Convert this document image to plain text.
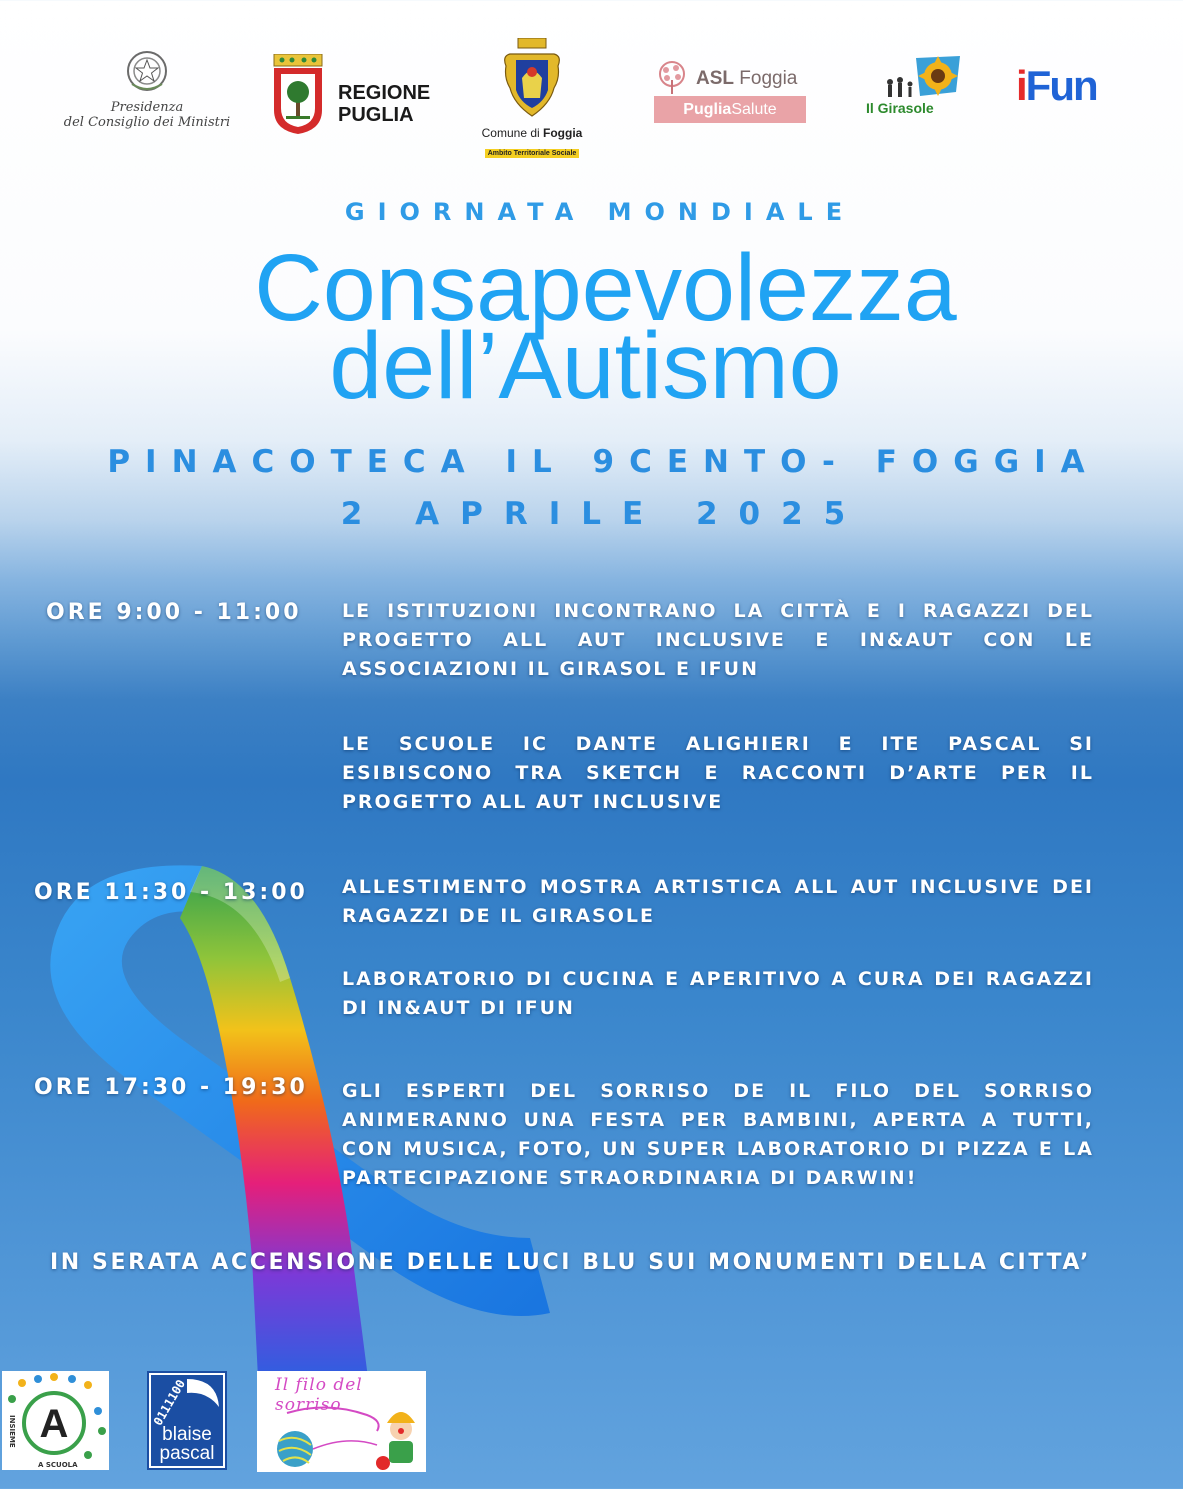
Presidenza
del Consiglio dei Ministri
REGIONE
PUGLIA
Comune di Foggia
Ambito Territoriale Sociale
ASL Foggia
PugliaSalute	Il Girasole iFun
GIORNATA MONDIALE
Consapevolezza
dell’Autismo
PINACOTECA IL 9CENTO- FOGGIA
2 APRILE 2025
ORE 9:00 - 11:00 LE ISTITUZIONI INCONTRANO LA CITTÀ E I RAGAZZI DEL PROGETTO ALL AUT INCLUSIVE E IN&AUT CON LE ASSOCIAZIONI IL GIRASOL E IFUN
LE SCUOLE IC DANTE ALIGHIERI E ITE PASCAL SI ESIBISCONO TRA SKETCH E RACCONTI D’ARTE PER IL PROGETTO ALL AUT INCLUSIVE
ORE 11:30 - 13:00 ALLESTIMENTO MOSTRA ARTISTICA ALL AUT INCLUSIVE DEI RAGAZZI DE IL GIRASOLE
LABORATORIO DI CUCINA E APERITIVO A CURA DEI RAGAZZI DI IN&AUT DI IFUN
ORE 17:30 - 19:30 GLI ESPERTI DEL SORRISO DE IL FILO DEL SORRISO ANIMERANNO UNA FESTA PER BAMBINI, APERTA A TUTTI, CON MUSICA, FOTO, UN SUPER LABORATORIO DI PIZZA E LA PARTECIPAZIONE STRAORDINARIA DI DARWIN!
IN SERATA ACCENSIONE DELLE LUCI BLU SUI MONUMENTI DELLA CITTA’
A
INSIEME
A SCUOLA
0111100
blaise
pascal
Il filo del sorriso
